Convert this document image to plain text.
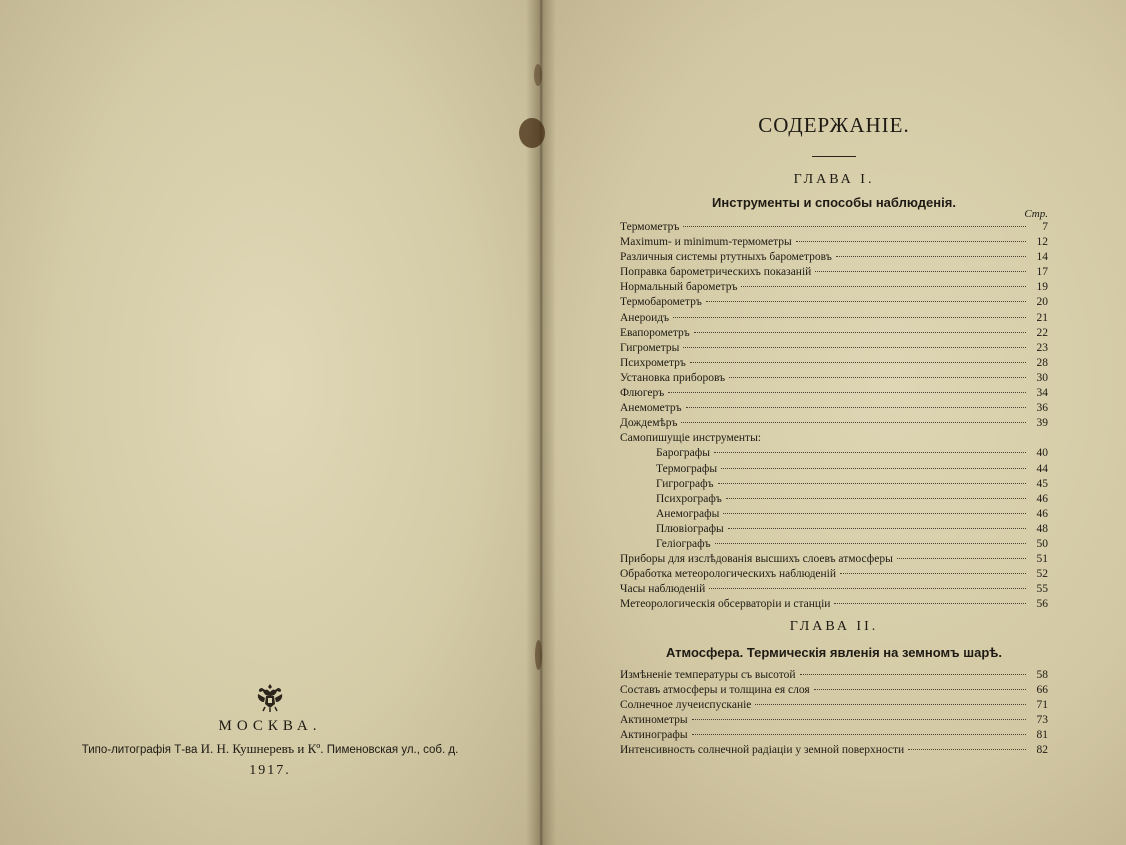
МОСКВА.
Типо-литографія Т-ва И. Н. Кушнеревъ и Кº. Пименовская ул., соб. д.
1917.
СОДЕРЖАНІЕ.
ГЛАВА I.
Инструменты и способы наблюденія.
Стр.
Термометръ	7
Maximum- и minimum-термометры	12
Различныя системы ртутныхъ барометровъ	14
Поправка барометрическихъ показаній	17
Нормальный барометръ	19
Термобарометръ	20
Анероидъ	21
Евапорометръ	22
Гигрометры	23
Психрометръ	28
Установка приборовъ	30
Флюгеръ	34
Анемометръ	36
Дождемѣръ	39
Самопишущіе инструменты:
Барографы	40
Термографы	44
Гигрографъ	45
Психрографъ	46
Анемографы	46
Плювіографы	48
Геліографъ	50
Приборы для изслѣдованія высшихъ слоевъ атмосферы	51
Обработка метеорологическихъ наблюденій	52
Часы наблюденій	55
Метеорологическія обсерваторіи и станціи	56
ГЛАВА II.
Атмосфера. Термическія явленія на земномъ шарѣ.
Измѣненіе температуры съ высотой	58
Составъ атмосферы и толщина ея слоя	66
Солнечное лучеиспусканіе	71
Актинометры	73
Актинографы	81
Интенсивность солнечной радіаціи у земной поверхности	82
